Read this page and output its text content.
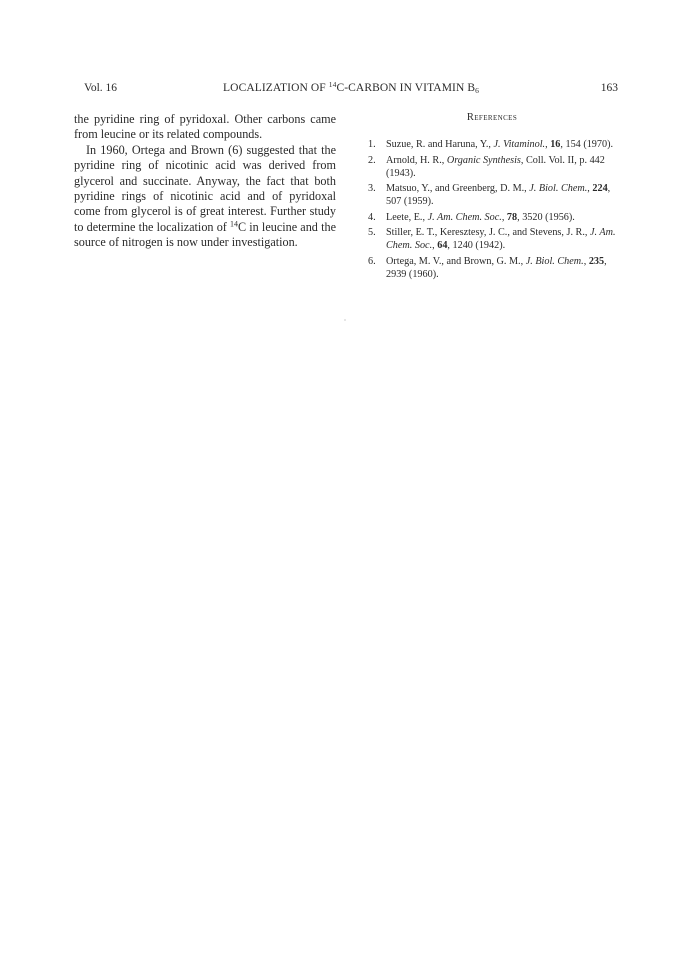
Vol. 16	LOCALIZATION OF $^{14}$C-CARBON IN VITAMIN $B_6$	163

the pyridine ring of pyridoxal. Other carbons came from leucine or its related compounds.

In 1960, Ortega and Brown (6) suggested that the pyridine ring of nicotinic acid was derived from glycerol and succinate. Anyway, the fact that both pyridine rings of nicotinic acid and of pyridoxal come from glycerol is of great interest. Further study to determine the localization of $^{14}$C in leucine and the source of nitrogen is now under investigation.

References
1. Suzue, R. and Haruna, Y., J. Vitaminol., 16, 154 (1970).
2. Arnold, H. R., Organic Synthesis, Coll. Vol. II, p. 442 (1943).
3. Matsuo, Y., and Greenberg, D. M., J. Biol. Chem., 224, 507 (1959).
4. Leete, E., J. Am. Chem. Soc., 78, 3520 (1956).
5. Stiller, E. T., Keresztesy, J. C., and Stevens, J. R., J. Am. Chem. Soc., 64, 1240 (1942).
6. Ortega, M. V., and Brown, G. M., J. Biol. Chem., 235, 2939 (1960).
